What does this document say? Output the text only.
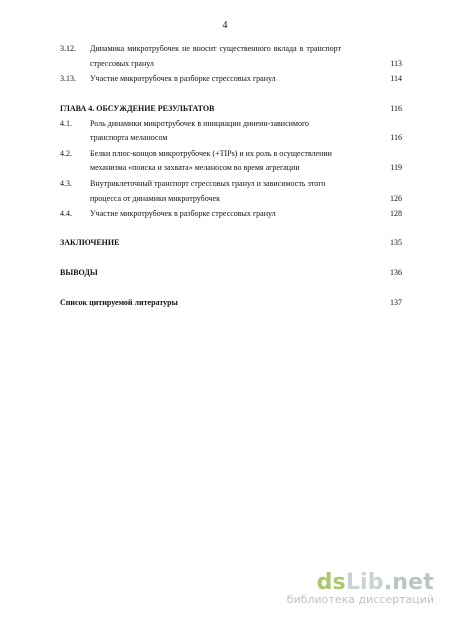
4
3.12. Динамика микротрубочек не вносит существенного вклада в транспорт
стрессовых гранул	113
3.13. Участие микротрубочек в разборке стрессовых гранул	114
ГЛАВА 4. ОБСУЖДЕНИЕ РЕЗУЛЬТАТОВ	116
4.1. Роль динамики микротрубочек в инициации динеин-зависимого
транспорта меланосом	116
4.2. Белки плюс-концов микротрубочек (+TIPs) и их роль в осуществлении
механизма «поиска и захвата» меланосом во время агрегации	119
4.3. Внутриклеточный транспорт стрессовых гранул и зависимость этого
процесса от динамики микротрубочек	126
4.4. Участие микротрубочек в разборке стрессовых гранул	128
ЗАКЛЮЧЕНИЕ	135
ВЫВОДЫ	136
Список цитируемой литературы	137
dsLib.net
библиотека диссертаций
